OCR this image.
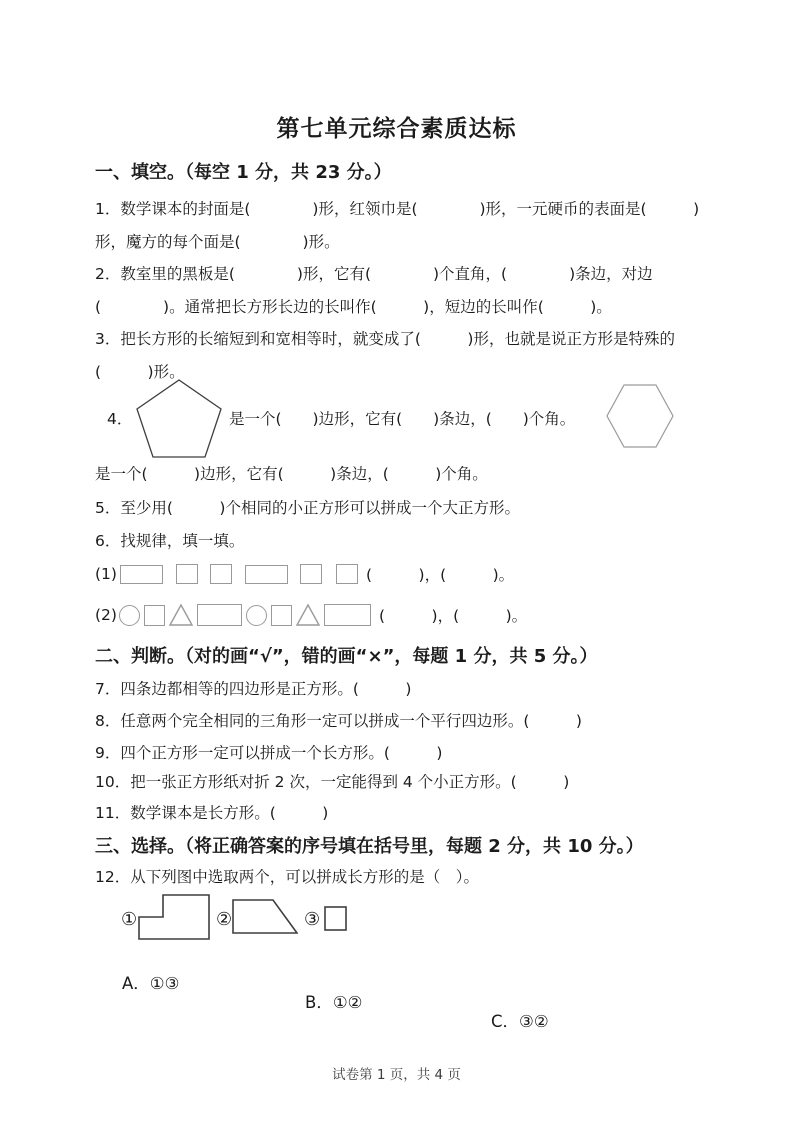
第七单元综合素质达标
一、填空。（每空 1 分，共 23 分。）
1．数学课本的封面是(　　　　)形，红领巾是(　　　　)形，一元硬币的表面是(　　　)
形，魔方的每个面是(　　　　)形。
2．教室里的黑板是(　　　　)形，它有(　　　　)个直角，(　　　　)条边，对边
(　　　　)。通常把长方形长边的长叫作(　　　)，短边的长叫作(　　　)。
3．把长方形的长缩短到和宽相等时，就变成了(　　　)形，也就是说正方形是特殊的
(　　　)形。
4．	是一个(　　)边形，它有(　　)条边，(　　)个角。
是一个(　　　)边形，它有(　　　)条边，(　　　)个角。
5．至少用(　　　)个相同的小正方形可以拼成一个大正方形。
6．找规律，填一填。
(1)	(　　　)，(　　　)。
(2)	(　　　)，(　　　)。
二、判断。（对的画“√”，错的画“×”，每题 1 分，共 5 分。）
7．四条边都相等的四边形是正方形。(　　　)
8．任意两个完全相同的三角形一定可以拼成一个平行四边形。(　　　)
9．四个正方形一定可以拼成一个长方形。(　　　)
10．把一张正方形纸对折 2 次，一定能得到 4 个小正方形。(　　　)
11．数学课本是长方形。(　　　)
三、选择。（将正确答案的序号填在括号里，每题 2 分，共 10 分。）
12．从下列图中选取两个，可以拼成长方形的是（　）。

①

	②

	③

A．①③

B．①②

C．③②

试卷第 1 页，共 4 页
